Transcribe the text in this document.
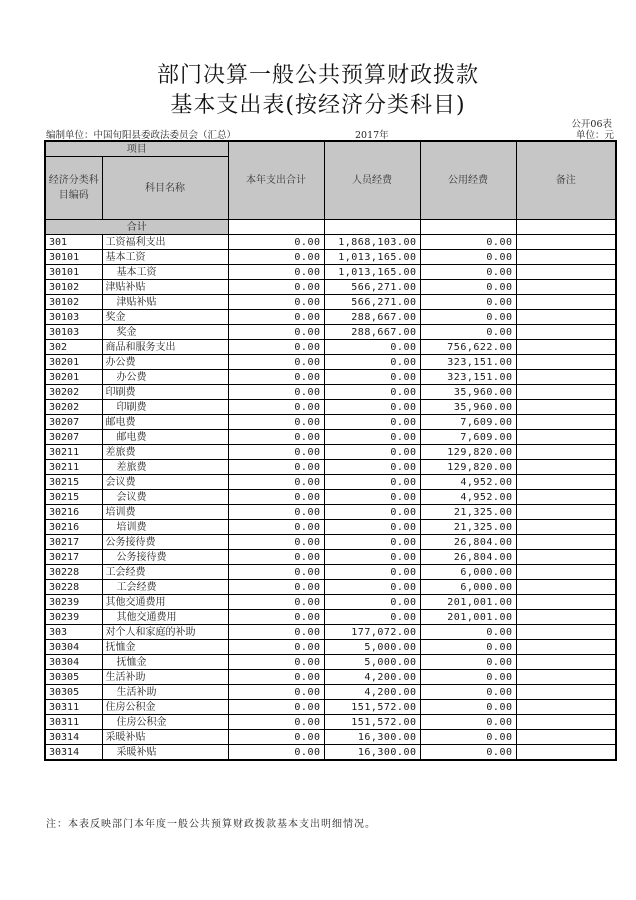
部门决算一般公共预算财政拨款
基本支出表(按经济分类科目)
公开06表
编制单位：中国旬阳县委政法委员会（汇总）	2017年	单位：元
项目		本年支出合计	人员经费	公用经费	备注
经济分类科目编码	科目名称				
合计					
301	工资福利支出	0.00	1,868,103.00	0.00	
30101	基本工资	0.00	1,013,165.00	0.00	
30101	基本工资	0.00	1,013,165.00	0.00	
30102	津贴补贴	0.00	566,271.00	0.00	
30102	津贴补贴	0.00	566,271.00	0.00	
30103	奖金	0.00	288,667.00	0.00	
30103	奖金	0.00	288,667.00	0.00	
302	商品和服务支出	0.00	0.00	756,622.00	
30201	办公费	0.00	0.00	323,151.00	
30201	办公费	0.00	0.00	323,151.00	
30202	印刷费	0.00	0.00	35,960.00	
30202	印刷费	0.00	0.00	35,960.00	
30207	邮电费	0.00	0.00	7,609.00	
30207	邮电费	0.00	0.00	7,609.00	
30211	差旅费	0.00	0.00	129,820.00	
30211	差旅费	0.00	0.00	129,820.00	
30215	会议费	0.00	0.00	4,952.00	
30215	会议费	0.00	0.00	4,952.00	
30216	培训费	0.00	0.00	21,325.00	
30216	培训费	0.00	0.00	21,325.00	
30217	公务接待费	0.00	0.00	26,804.00	
30217	公务接待费	0.00	0.00	26,804.00	
30228	工会经费	0.00	0.00	6,000.00	
30228	工会经费	0.00	0.00	6,000.00	
30239	其他交通费用	0.00	0.00	201,001.00	
30239	其他交通费用	0.00	0.00	201,001.00	
303	对个人和家庭的补助	0.00	177,072.00	0.00	
30304	抚恤金	0.00	5,000.00	0.00	
30304	抚恤金	0.00	5,000.00	0.00	
30305	生活补助	0.00	4,200.00	0.00	
30305	生活补助	0.00	4,200.00	0.00	
30311	住房公积金	0.00	151,572.00	0.00	
30311	住房公积金	0.00	151,572.00	0.00	
30314	采暖补贴	0.00	16,300.00	0.00	
30314	采暖补贴	0.00	16,300.00	0.00	
注：本表反映部门本年度一般公共预算财政拨款基本支出明细情况。
